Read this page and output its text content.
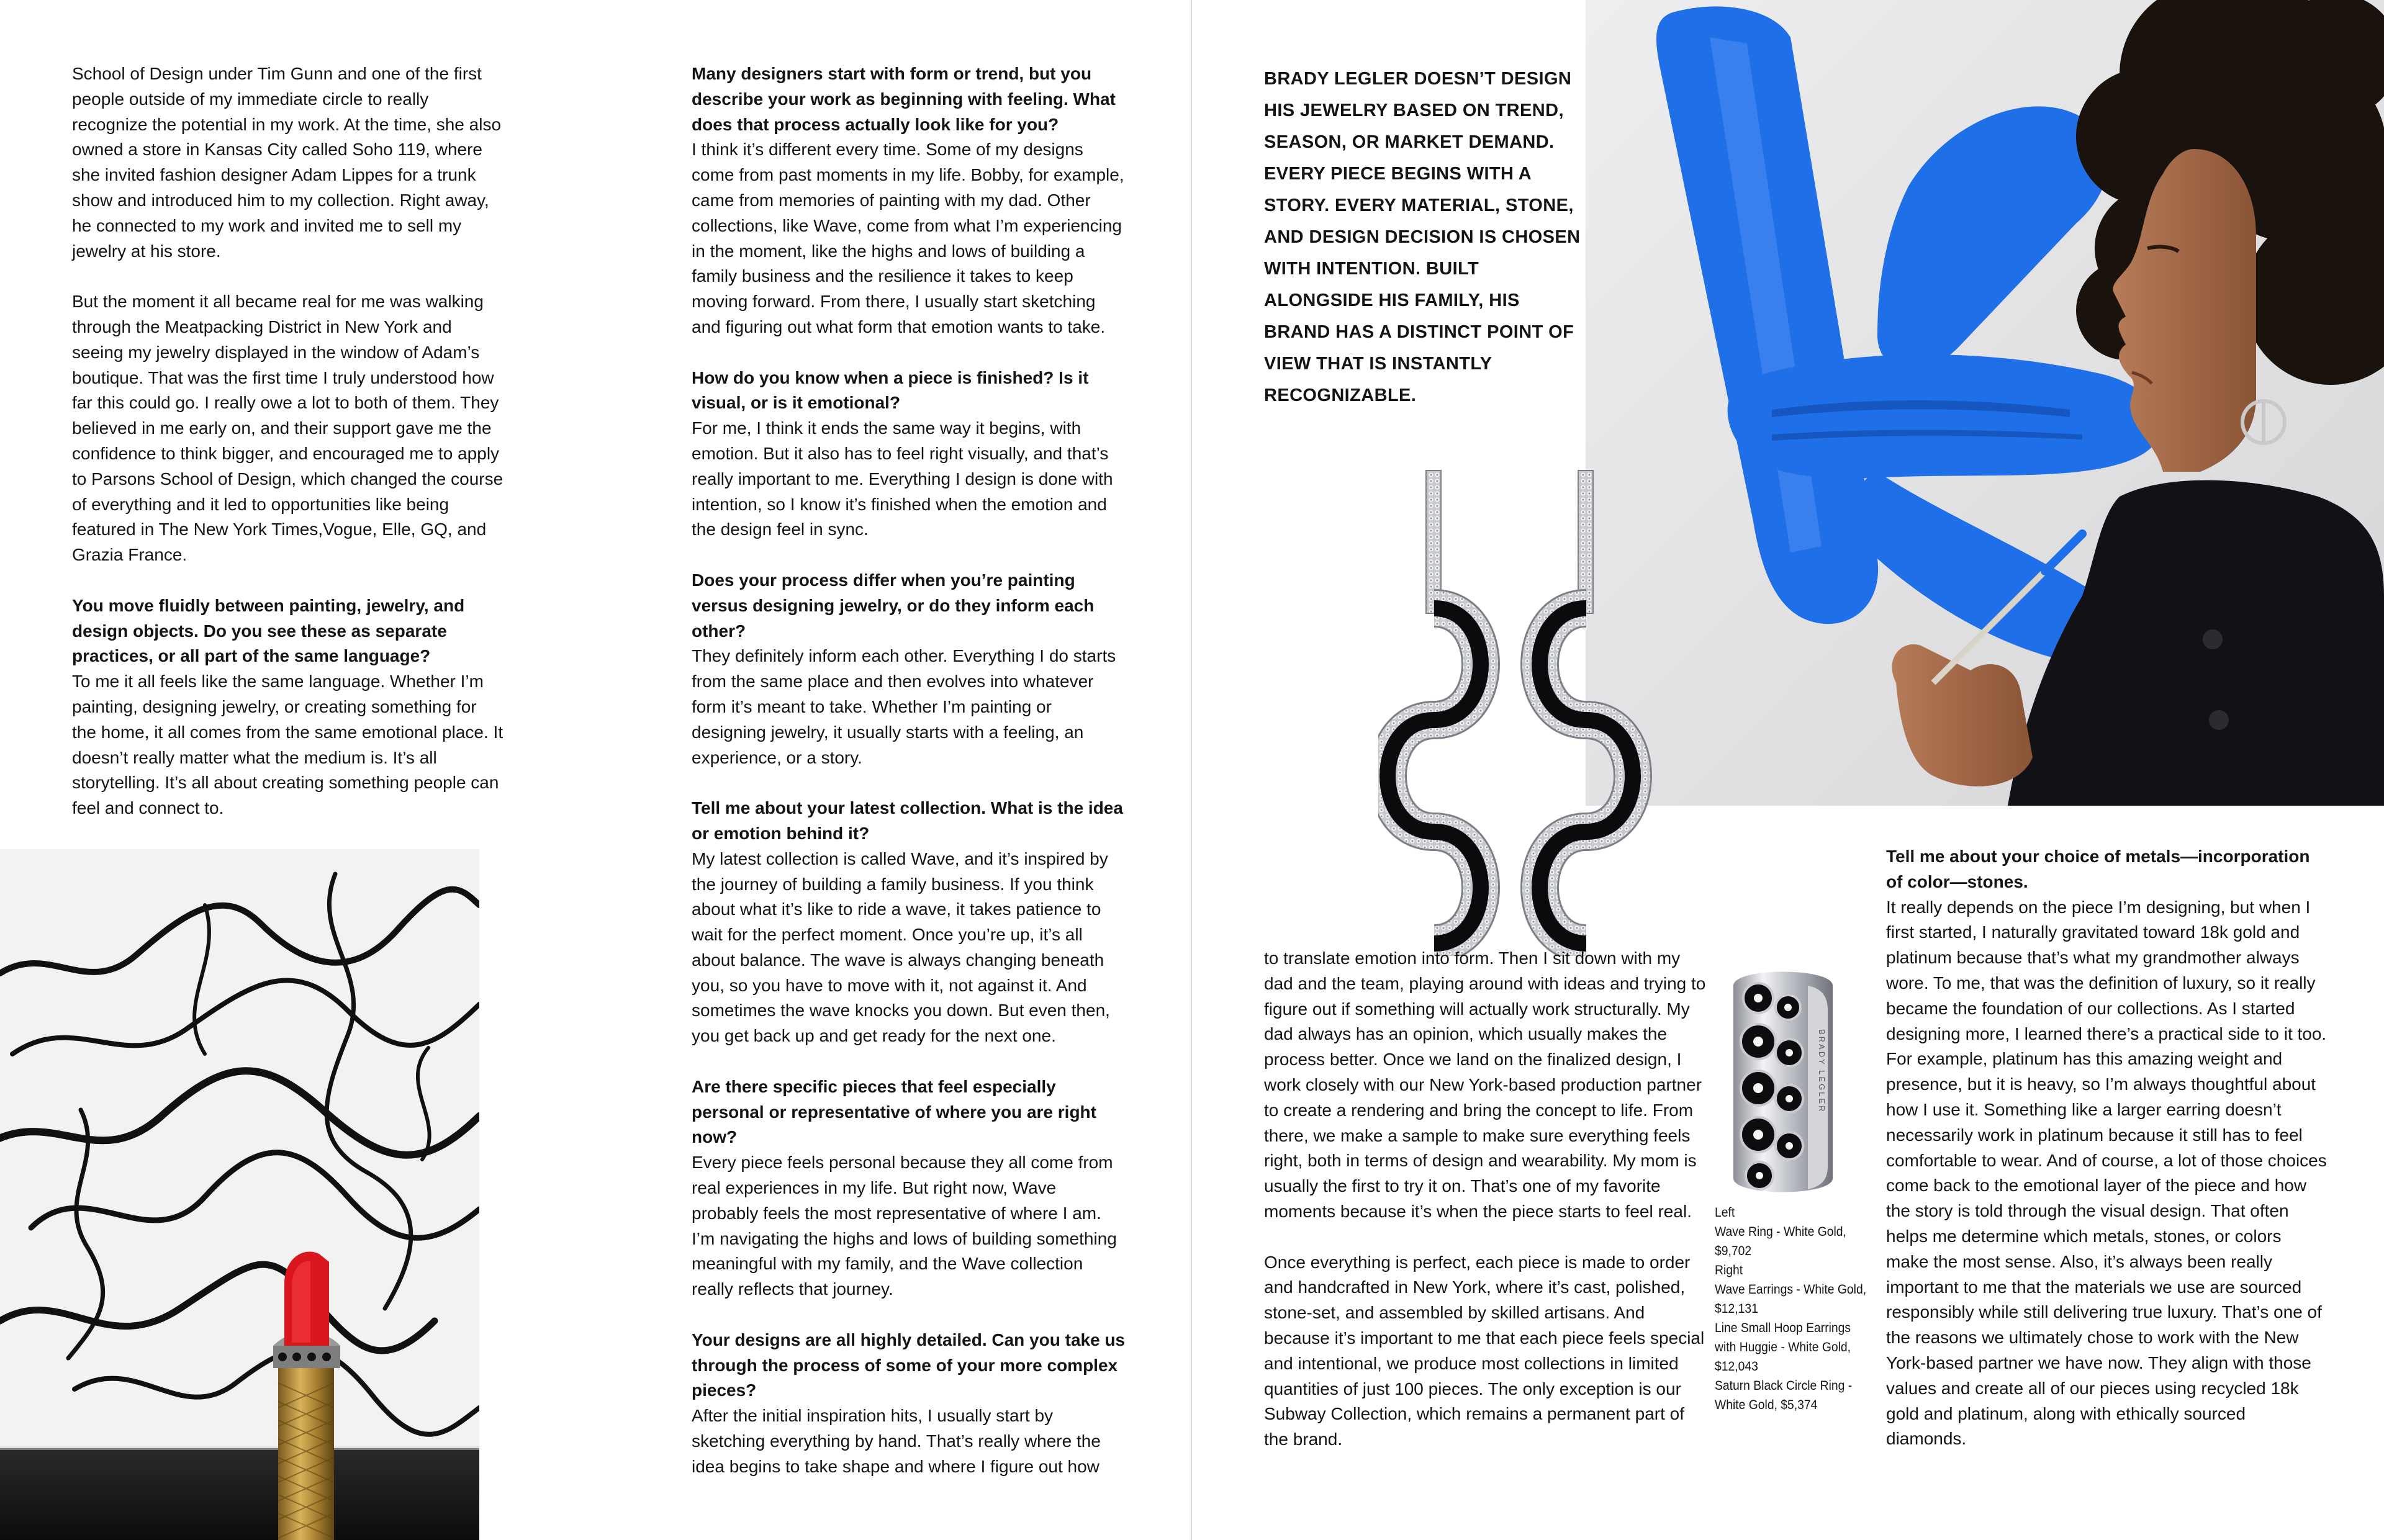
School of Design under Tim Gunn and one of the first people outside of my immediate circle to really recognize the potential in my work. At the time, she also owned a store in Kansas City called Soho 119, where she invited fashion designer Adam Lippes for a trunk show and introduced him to my collection. Right away, he connected to my work and invited me to sell my jewelry at his store.

But the moment it all became real for me was walking through the Meatpacking District in New York and seeing my jewelry displayed in the window of Adam’s boutique. That was the first time I truly understood how far this could go. I really owe a lot to both of them. They believed in me early on, and their support gave me the confidence to think bigger, and encouraged me to apply to Parsons School of Design, which changed the course of everything and it led to opportunities like being featured in The New York Times,Vogue, Elle, GQ, and Grazia France.

You move fluidly between painting, jewelry, and design objects. Do you see these as separate practices, or all part of the same language?

To me it all feels like the same language. Whether I’m painting, designing jewelry, or creating something for the home, it all comes from the same emotional place. It doesn’t really matter what the medium is. It’s all storytelling. It’s all about creating something people can feel and connect to.

Many designers start with form or trend, but you describe your work as beginning with feeling. What does that process actually look like for you?

I think it’s different every time. Some of my designs come from past moments in my life. Bobby, for example, came from memories of painting with my dad. Other collections, like Wave, come from what I’m experiencing in the moment, like the highs and lows of building a family business and the resilience it takes to keep moving forward. From there, I usually start sketching and figuring out what form that emotion wants to take.

How do you know when a piece is finished? Is it visual, or is it emotional?

For me, I think it ends the same way it begins, with emotion. But it also has to feel right visually, and that’s really important to me. Everything I design is done with intention, so I know it’s finished when the emotion and the design feel in sync.

Does your process differ when you’re painting versus designing jewelry, or do they inform each other?

They definitely inform each other. Everything I do starts from the same place and then evolves into whatever form it’s meant to take. Whether I’m painting or designing jewelry, it usually starts with a feeling, an experience, or a story.

Tell me about your latest collection. What is the idea or emotion behind it?

My latest collection is called Wave, and it’s inspired by the journey of building a family business. If you think about what it’s like to ride a wave, it takes patience to wait for the perfect moment. Once you’re up, it’s all about balance. The wave is always changing beneath you, so you have to move with it, not against it. And sometimes the wave knocks you down. But even then, you get back up and get ready for the next one.

Are there specific pieces that feel especially personal or representative of where you are right now?

Every piece feels personal because they all come from real experiences in my life. But right now, Wave probably feels the most representative of where I am. I’m navigating the highs and lows of building something meaningful with my family, and the Wave collection really reflects that journey.

Your designs are all highly detailed. Can you take us through the process of some of your more complex pieces?

After the initial inspiration hits, I usually start by sketching everything by hand. That’s really where the idea begins to take shape and where I figure out how

BRADY LEGLER DOESN’T DESIGN HIS JEWELRY BASED ON TREND, SEASON, OR MARKET DEMAND. EVERY PIECE BEGINS WITH A STORY. EVERY MATERIAL, STONE, AND DESIGN DECISION IS CHOSEN WITH INTENTION. BUILT ALONGSIDE HIS FAMILY, HIS BRAND HAS A DISTINCT POINT OF VIEW THAT IS INSTANTLY RECOGNIZABLE.
BRADY LEGLER
Left
Wave Ring - White Gold,
$9,702
Right
Wave Earrings - White Gold,
$12,131
Line Small Hoop Earrings
with Huggie - White Gold,
$12,043
Saturn Black Circle Ring -
White Gold, $5,374

to translate emotion into form. Then I sit down with my dad and the team, playing around with ideas and trying to figure out if something will actually work structurally. My dad always has an opinion, which usually makes the process better. Once we land on the finalized design, I work closely with our New York-based production partner to create a rendering and bring the concept to life. From there, we make a sample to make sure everything feels right, both in terms of design and wearability. My mom is usually the first to try it on. That’s one of my favorite moments because it’s when the piece starts to feel real.

Once everything is perfect, each piece is made to order and handcrafted in New York, where it’s cast, polished, stone-set, and assembled by skilled artisans. And because it’s important to me that each piece feels special and intentional, we produce most collections in limited quantities of just 100 pieces. The only exception is our Subway Collection, which remains a permanent part of the brand.

Tell me about your choice of metals—incorporation of color—stones.

It really depends on the piece I’m designing, but when I first started, I naturally gravitated toward 18k gold and platinum because that’s what my grandmother always wore. To me, that was the definition of luxury, so it really became the foundation of our collections. As I started designing more, I learned there’s a practical side to it too. For example, platinum has this amazing weight and presence, but it is heavy, so I’m always thoughtful about how I use it. Something like a larger earring doesn’t necessarily work in platinum because it still has to feel comfortable to wear. And of course, a lot of those choices come back to the emotional layer of the piece and how the story is told through the visual design. That often helps me determine which metals, stones, or colors make the most sense. Also, it’s always been really important to me that the materials we use are sourced responsibly while still delivering true luxury. That’s one of the reasons we ultimately chose to work with the New York-based partner we have now. They align with those values and create all of our pieces using recycled 18k gold and platinum, along with ethically sourced diamonds.
